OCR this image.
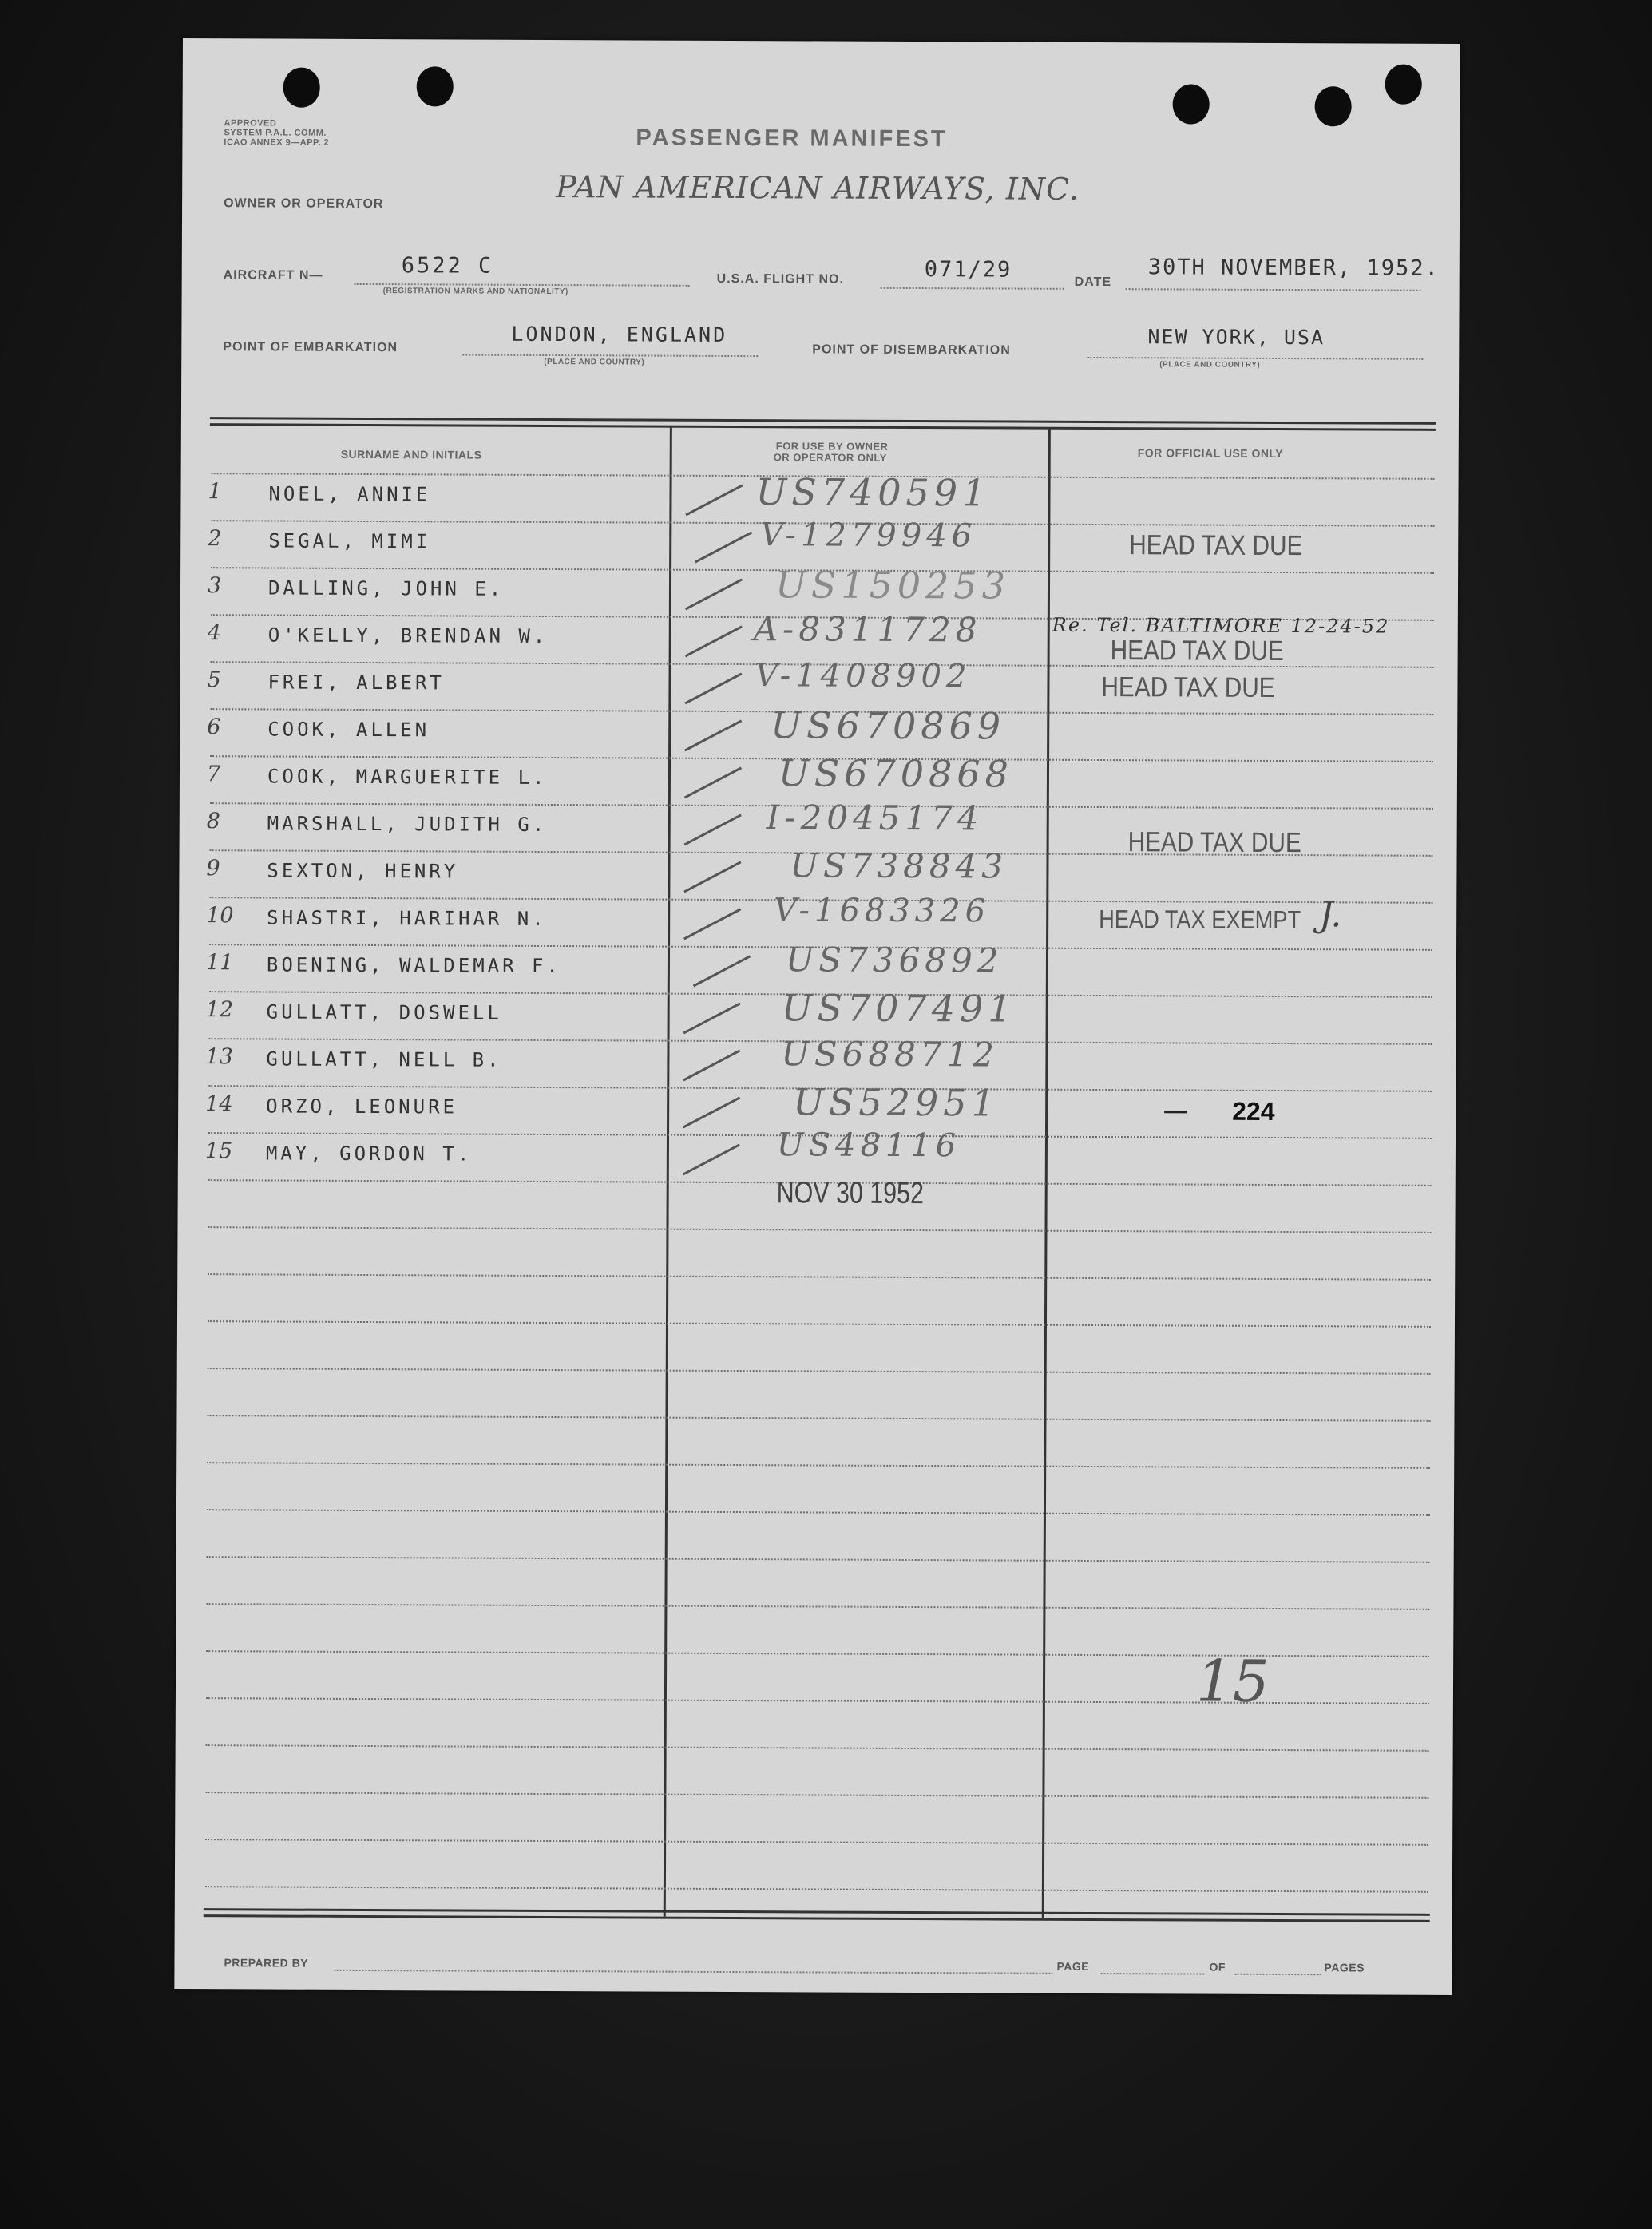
APPROVED
SYSTEM P.A.L. COMM.
ICAO ANNEX 9—APP. 2	PASSENGER MANIFEST
PAN AMERICAN AIRWAYS, INC.
OWNER OR OPERATOR
AIRCRAFT N—	6522 C
(REGISTRATION MARKS AND NATIONALITY)
U.S.A. FLIGHT NO.	071/29	DATE
30TH NOVEMBER, 1952.
POINT OF EMBARKATION
LONDON, ENGLAND
(PLACE AND COUNTRY)
POINT OF DISEMBARKATION
NEW YORK, USA
(PLACE AND COUNTRY)
SURNAME AND INITIALS
FOR USE BY OWNER
OR OPERATOR ONLY	FOR OFFICIAL USE ONLY
1 NOEL, ANNIE	US740591
2 SEGAL, MIMI	V-1279946	HEAD TAX DUE
3 DALLING, JOHN E.	US150253
4 O'KELLY, BRENDAN W.	A-8311728
HEAD TAX DUE
Re. Tel. BALTIMORE 12-24-52
5 FREI, ALBERT	V-1408902	HEAD TAX DUE
6 COOK, ALLEN	US670869
7 COOK, MARGUERITE L.	US670868
8 MARSHALL, JUDITH G.	I-2045174
HEAD TAX DUE
9 SEXTON, HENRY	US738843
10 SHASTRI, HARIHAR N.	V-1683326	HEAD TAX EXEMPT J.
11 BOENING, WALDEMAR F.	US736892
12 GULLATT, DOSWELL	US707491
13 GULLATT, NELL B.	US688712
14 ORZO, LEONURE	US52951	— 224
15 MAY, GORDON T.	US48116
NOV 30 1952
15
PREPARED BY	PAGE	OF	PAGES
